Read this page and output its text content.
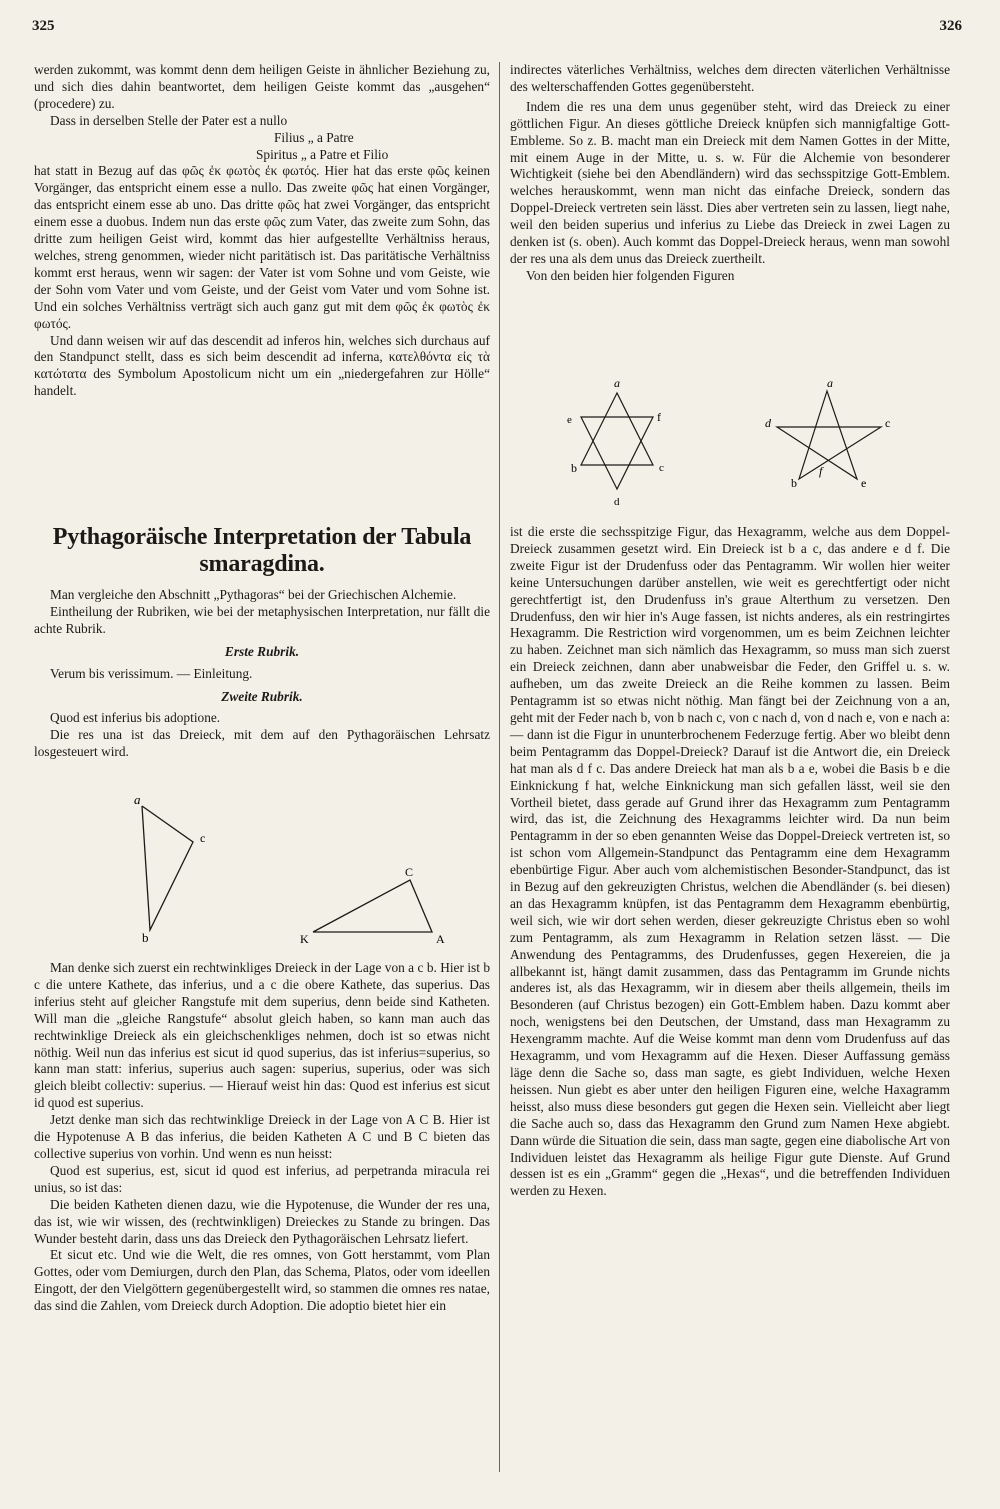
325	326

werden zukommt, was kommt denn dem heiligen Geiste in ähnlicher Beziehung zu, und sich dies dahin beantwortet, dem heiligen Geiste kommt das „ausgehen“ (procedere) zu.

Dass in derselben Stelle der Pater est a nullo

Filius „ a Patre

Spiritus „ a Patre et Filio

hat statt in Bezug auf das φῶς ἐκ φωτὸς ἐκ φωτός. Hier hat das erste φῶς keinen Vorgänger, das entspricht einem esse a nullo. Das zweite φῶς hat einen Vorgänger, das entspricht einem esse ab uno. Das dritte φῶς hat zwei Vorgänger, das entspricht einem esse a duobus. Indem nun das erste φῶς zum Vater, das zweite zum Sohn, das dritte zum heiligen Geist wird, kommt das hier aufgestellte Verhältniss heraus, welches, streng genommen, wieder nicht paritätisch ist. Das paritätische Verhältniss kommt erst heraus, wenn wir sagen: der Vater ist vom Sohne und vom Geiste, wie der Sohn vom Vater und vom Geiste, und der Geist vom Vater und vom Sohne ist. Und ein solches Verhältniss verträgt sich auch ganz gut mit dem φῶς ἐκ φωτὸς ἐκ φωτός.

Und dann weisen wir auf das descendit ad inferos hin, welches sich durchaus auf den Standpunct stellt, dass es sich beim descendit ad inferna, κατελθόντα εἰς τὰ κατώτατα des Symbolum Apostolicum nicht um ein „niedergefahren zur Hölle“ handelt.

Pythagoräische Interpretation der Tabula smaragdina.

Man vergleiche den Abschnitt „Pythagoras“ bei der Griechischen Alchemie.

Eintheilung der Rubriken, wie bei der metaphysischen Interpretation, nur fällt die achte Rubrik.

Erste Rubrik.

Verum bis verissimum. — Einleitung.

Zweite Rubrik.

Quod est inferius bis adoptione.

Die res una ist das Dreieck, mit dem auf den Pythagoräischen Lehrsatz losgesteuert wird.

a
c
b
C
K	A

Man denke sich zuerst ein rechtwinkliges Dreieck in der Lage von a c b. Hier ist b c die untere Kathete, das inferius, und a c die obere Kathete, das superius. Das inferius steht auf gleicher Rangstufe mit dem superius, denn beide sind Katheten. Will man die „gleiche Rangstufe“ absolut gleich haben, so kann man auch das rechtwinklige Dreieck als ein gleichschenkliges nehmen, doch ist so etwas nicht nöthig. Weil nun das inferius est sicut id quod superius, das ist inferius=superius, so kann man statt: inferius, superius auch sagen: superius, superius, oder was sich gleich bleibt collectiv: superius. — Hierauf weist hin das: Quod est inferius est sicut id quod est superius.

Jetzt denke man sich das rechtwinklige Dreieck in der Lage von A C B. Hier ist die Hypotenuse A B das inferius, die beiden Katheten A C und B C bieten das collective superius von vorhin. Und wenn es nun heisst:

Quod est superius, est, sicut id quod est inferius, ad perpetranda miracula rei unius, so ist das:

Die beiden Katheten dienen dazu, wie die Hypotenuse, die Wunder der res una, das ist, wie wir wissen, des (rechtwinkligen) Dreieckes zu Stande zu bringen. Das Wunder besteht darin, dass uns das Dreieck den Pythagoräischen Lehrsatz liefert.

Et sicut etc. Und wie die Welt, die res omnes, von Gott herstammt, vom Plan Gottes, oder vom Demiurgen, durch den Plan, das Schema, Platos, oder vom ideellen Eingott, der den Vielgöttern gegenübergestellt wird, so stammen die omnes res natae, das sind die Zahlen, vom Dreieck durch Adoption. Die adoptio bietet hier ein

indirectes väterliches Verhältniss, welches dem directen väterlichen Verhältnisse des welterschaffenden Gottes gegenübersteht.

Indem die res una dem unus gegenüber steht, wird das Dreieck zu einer göttlichen Figur. An dieses göttliche Dreieck knüpfen sich mannigfaltige Gott-Embleme. So z. B. macht man ein Dreieck mit dem Namen Gottes in der Mitte, mit einem Auge in der Mitte, u. s. w. Für die Alchemie von besonderer Wichtigkeit (siehe bei den Abendländern) wird das sechsspitzige Gott-Emblem. welches herauskommt, wenn man nicht das einfache Dreieck, sondern das Doppel-Dreieck vertreten sein lässt. Dies aber vertreten sein zu lassen, liegt nahe, weil den beiden superius und inferius zu Liebe das Dreieck in zwei Lagen zu denken ist (s. oben). Auch kommt das Doppel-Dreieck heraus, wenn man sowohl der res una als dem unus das Dreieck zuertheilt.

Von den beiden hier folgenden Figuren

a
e	f
b	c
d
a
d	c
b
f
e

ist die erste die sechsspitzige Figur, das Hexagramm, welche aus dem Doppel-Dreieck zusammen gesetzt wird. Ein Dreieck ist b a c, das andere e d f. Die zweite Figur ist der Drudenfuss oder das Pentagramm. Wir wollen hier weiter keine Untersuchungen darüber anstellen, wie weit es gerechtfertigt oder nicht gerechtfertigt ist, den Drudenfuss in's graue Alterthum zu versetzen. Den Drudenfuss, den wir hier in's Auge fassen, ist nichts anderes, als ein restringirtes Hexagramm. Die Restriction wird vorgenommen, um es beim Zeichnen leichter zu haben. Zeichnet man sich nämlich das Hexagramm, so muss man sich zuerst ein Dreieck zeichnen, dann aber unabweisbar die Feder, den Griffel u. s. w. aufheben, um das zweite Dreieck an die Reihe kommen zu lassen. Beim Pentagramm ist so etwas nicht nöthig. Man fängt bei der Zeichnung von a an, geht mit der Feder nach b, von b nach c, von c nach d, von d nach e, von e nach a: — dann ist die Figur in ununterbrochenem Federzuge fertig. Aber wo bleibt denn beim Pentagramm das Doppel-Dreieck? Darauf ist die Antwort die, ein Dreieck hat man als d f c. Das andere Dreieck hat man als b a e, wobei die Basis b e die Einknickung f hat, welche Einknickung man sich gefallen lässt, weil sie den Vortheil bietet, dass gerade auf Grund ihrer das Hexagramm zum Pentagramm wird, das ist, die Zeichnung des Hexagramms leichter wird. Da nun beim Pentagramm in der so eben genannten Weise das Doppel-Dreieck vertreten ist, so ist schon vom Allgemein-Standpunct das Pentagramm eine dem Hexagramm ebenbürtige Figur. Aber auch vom alchemistischen Besonder-Standpunct, das ist in Bezug auf den gekreuzigten Christus, welchen die Abendländer (s. bei diesen) an das Hexagramm knüpfen, ist das Pentagramm dem Hexagramm ebenbürtig, weil sich, wie wir dort sehen werden, dieser gekreuzigte Christus eben so wohl zum Pentagramm, als zum Hexagramm in Relation setzen lässt. — Die Anwendung des Pentagramms, des Drudenfusses, gegen Hexereien, die ja allbekannt ist, hängt damit zusammen, dass das Pentagramm im Grunde nichts anderes ist, als das Hexagramm, wir in diesem aber theils allgemein, theils im Besonderen (auf Christus bezogen) ein Gott-Emblem haben. Dazu kommt aber noch, wenigstens bei den Deutschen, der Umstand, dass man Hexagramm zu Hexengramm machte. Auf die Weise kommt man denn vom Drudenfuss auf das Hexagramm, und vom Hexagramm auf die Hexen. Dieser Auffassung gemäss läge denn die Sache so, dass man sagte, es giebt Individuen, welche Hexen heissen. Nun giebt es aber unter den heiligen Figuren eine, welche Haxagramm heisst, also muss diese besonders gut gegen die Hexen sein. Vielleicht aber liegt die Sache auch so, dass das Hexagramm den Grund zum Namen Hexe abgiebt. Dann würde die Situation die sein, dass man sagte, gegen eine diabolische Art von Individuen leistet das Hexagramm als heilige Figur gute Dienste. Auf Grund dessen ist es ein „Gramm“ gegen die „Hexas“, und die betreffenden Individuen werden zu Hexen.
